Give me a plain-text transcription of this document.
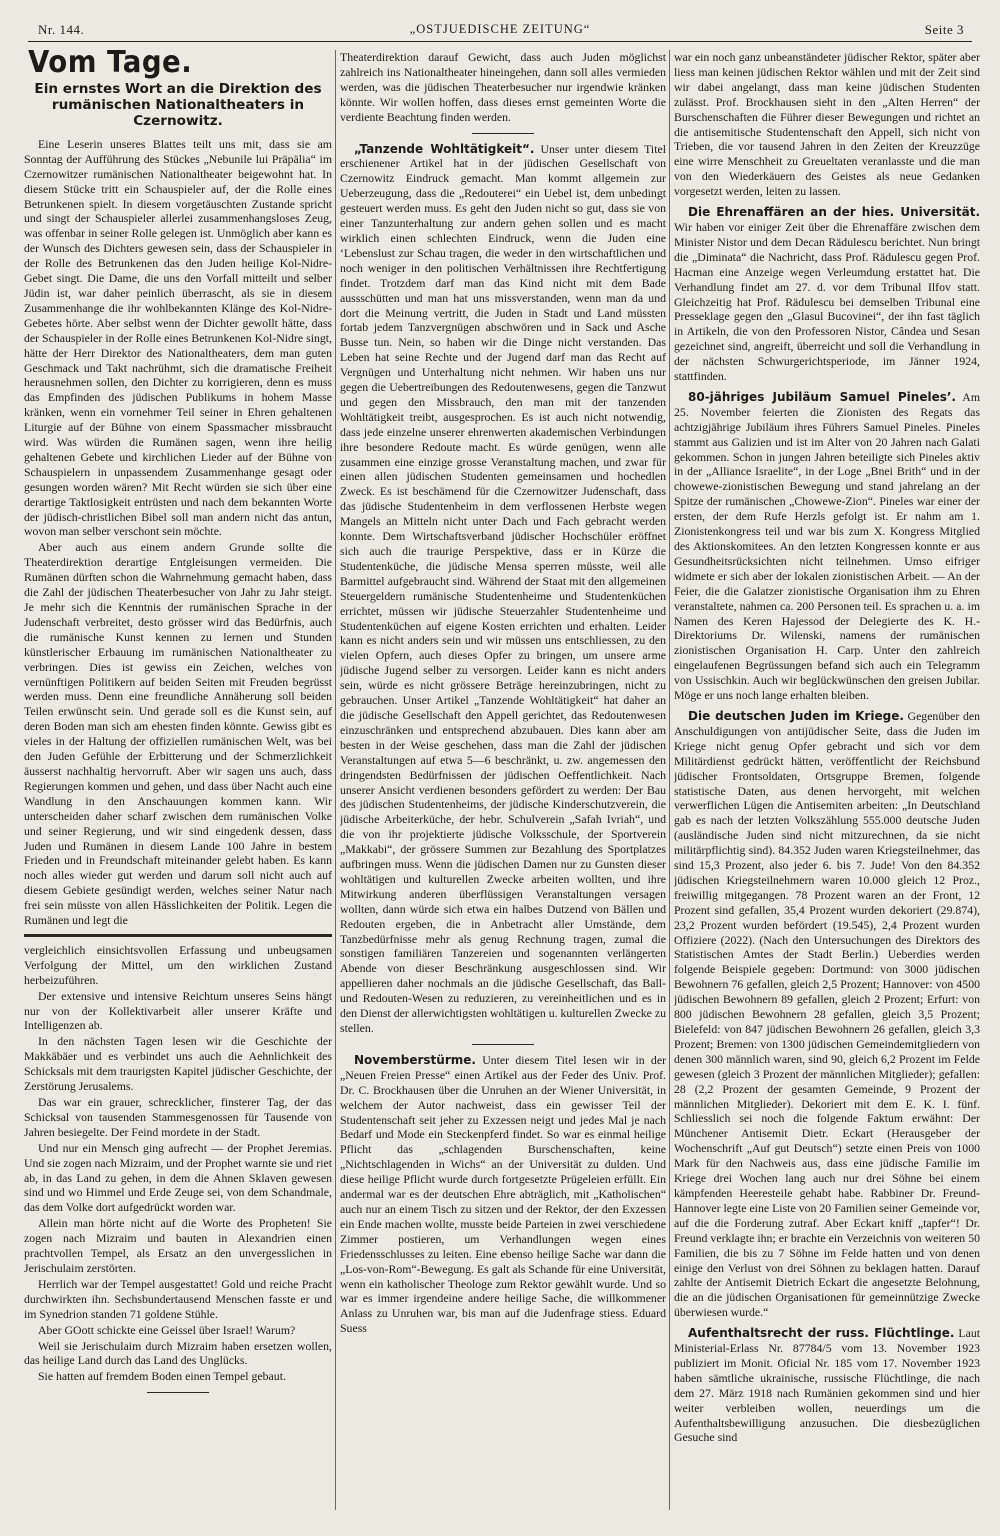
Nr. 144.	„OSTJUEDISCHE ZEITUNG“	Seite 3
Vom Tage.
Ein ernstes Wort an die Direktion des rumänischen Nationaltheaters in Czernowitz.

Eine Leserin unseres Blattes teilt uns mit, dass sie am Sonntag der Aufführung des Stückes „Nebunile lui Präpälia“ im Czernowitzer rumänischen Nationaltheater beigewohnt hat. In diesem Stücke tritt ein Schauspieler auf, der die Rolle eines Betrunkenen spielt. In diesem vorgetäuschten Zustande spricht und singt der Schauspieler allerlei zusammenhangsloses Zeug, was offenbar in seiner Rolle gelegen ist. Unmöglich aber kann es der Wunsch des Dichters gewesen sein, dass der Schauspieler in der Rolle des Betrunkenen das den Juden heilige Kol-Nidre-Gebet singt. Die Dame, die uns den Vorfall mitteilt und selber Jüdin ist, war daher peinlich überrascht, als sie in diesem Zusammenhange die ihr wohlbekannten Klänge des Kol-Nidre-Gebetes hörte. Aber selbst wenn der Dichter gewollt hätte, dass der Schauspieler in der Rolle eines Betrunkenen Kol-Nidre singt, hätte der Herr Direktor des Nationaltheaters, dem man guten Geschmack und Takt nachrühmt, sich die dramatische Freiheit herausnehmen sollen, den Dichter zu korrigieren, denn es muss das Empfinden des jüdischen Publikums in hohem Masse kränken, wenn ein vornehmer Teil seiner in Ehren gehaltenen Liturgie auf der Bühne von einem Spassmacher missbraucht wird. Was würden die Rumänen sagen, wenn ihre heilig gehaltenen Gebete und kirchlichen Lieder auf der Bühne von Schauspielern in unpassendem Zusammenhange gesagt oder gesungen worden wären? Mit Recht würden sie sich über eine derartige Taktlosigkeit entrüsten und nach dem bekannten Worte der jüdisch-christlichen Bibel soll man andern nicht das antun, wovon man selber verschont sein möchte.

Aber auch aus einem andern Grunde sollte die Theaterdirektion derartige Entgleisungen vermeiden. Die Rumänen dürften schon die Wahrnehmung gemacht haben, dass die Zahl der jüdischen Theaterbesucher von Jahr zu Jahr steigt. Je mehr sich die Kenntnis der rumänischen Sprache in der Judenschaft verbreitet, desto grösser wird das Bedürfnis, auch die rumänische Kunst kennen zu lernen und Stunden künstlerischer Erbauung im rumänischen Nationaltheater zu verbringen. Dies ist gewiss ein Zeichen, welches von vernünftigen Politikern auf beiden Seiten mit Freuden begrüsst werden muss. Denn eine freundliche Annäherung soll beiden Teilen erwünscht sein. Und gerade soll es die Kunst sein, auf deren Boden man sich am ehesten finden könnte. Gewiss gibt es vieles in der Haltung der offiziellen rumänischen Welt, was bei den Juden Gefühle der Erbitterung und der Schmerzlichkeit äusserst nachhaltig hervorruft. Aber wir sagen uns auch, dass Regierungen kommen und gehen, und dass über Nacht auch eine Wandlung in den Anschauungen kommen kann. Wir unterscheiden daher scharf zwischen dem rumänischen Volke und seiner Regierung, und wir sind eingedenk dessen, dass Juden und Rumänen in diesem Lande 100 Jahre in bestem Frieden und in Freundschaft miteinander gelebt haben. Es kann noch alles wieder gut werden und darum soll nicht auch auf diesem Gebiete gesündigt werden, welches seiner Natur nach frei sein müsste von allen Hässlichkeiten der Politik. Legen die Rumänen und legt die

vergleichlich einsichtsvollen Erfassung und unbeugsamen Verfolgung der Mittel, um den wirklichen Zustand herbeizuführen.

Der extensive und intensive Reichtum unseres Seins hängt nur von der Kollektivarbeit aller unserer Kräfte und Intelligenzen ab.

In den nächsten Tagen lesen wir die Geschichte der Makkäbäer und es verbindet uns auch die Aehnlichkeit des Schicksals mit dem traurigsten Kapitel jüdischer Geschichte, der Zerstörung Jerusalems.

Das war ein grauer, schrecklicher, finsterer Tag, der das Schicksal von tausenden Stammesgenossen für Tausende von Jahren besiegelte. Der Feind mordete in der Stadt.

Und nur ein Mensch ging aufrecht — der Prophet Jeremias. Und sie zogen nach Mizraim, und der Prophet warnte sie und riet ab, in das Land zu gehen, in dem die Ahnen Sklaven gewesen sind und wo Himmel und Erde Zeuge sei, von dem Schandmale, das dem Volke dort aufgedrückt worden war.

Allein man hörte nicht auf die Worte des Propheten! Sie zogen nach Mizraim und bauten in Alexandrien einen prachtvollen Tempel, als Ersatz an den unvergesslichen in Jerischulaim zerstörten.

Herrlich war der Tempel ausgestattet! Gold und reiche Pracht durchwirkten ihn. Sechsbundertausend Menschen fasste er und im Synedrion standen 71 goldene Stühle.

Aber GOott schickte eine Geissel über Israel! Warum?

Weil sie Jerischulaim durch Mizraim haben ersetzen wollen, das heilige Land durch das Land des Unglücks.

Sie hatten auf fremdem Boden einen Tempel gebaut.

Theaterdirektion darauf Gewicht, dass auch Juden möglichst zahlreich ins Nationaltheater hineingehen, dann soll alles vermieden werden, was die jüdischen Theaterbesucher nur irgendwie kränken könnte. Wir wollen hoffen, dass dieses ernst gemeinten Worte die verdiente Beachtung finden werden.

„Tanzende Wohltätigkeit“. Unser unter diesem Titel erschienener Artikel hat in der jüdischen Gesellschaft von Czernowitz Eindruck gemacht. Man kommt allgemein zur Ueberzeugung, dass die „Redouterei“ ein Uebel ist, dem unbedingt gesteuert werden muss. Es geht den Juden nicht so gut, dass sie von einer Tanzunterhaltung zur andern gehen sollen und es macht wirklich einen schlechten Eindruck, wenn die Juden eine ‘Lebenslust zur Schau tragen, die weder in den wirtschaftlichen und noch weniger in den politischen Verhältnissen ihre Rechtfertigung findet. Trotzdem darf man das Kind nicht mit dem Bade aussschütten und man hat uns missverstanden, wenn man da und dort die Meinung vertritt, die Juden in Stadt und Land müssten fortab jedem Tanzvergnügen abschwören und in Sack und Asche Busse tun. Nein, so haben wir die Dinge nicht verstanden. Das Leben hat seine Rechte und der Jugend darf man das Recht auf Vergnügen und Unterhaltung nicht nehmen. Wir haben uns nur gegen die Uebertreibungen des Redoutenwesens, gegen die Tanzwut und gegen den Missbrauch, den man mit der tanzenden Wohltätigkeit treibt, ausgesprochen. Es ist auch nicht notwendig, dass jede einzelne unserer ehrenwerten akademischen Verbindungen ihre besondere Redoute macht. Es würde genügen, wenn alle zusammen eine einzige grosse Veranstaltung machen, und zwar für einen allen jüdischen Studenten gemeinsamen und hochedlen Zweck. Es ist beschämend für die Czernowitzer Judenschaft, dass das jüdische Studentenheim in dem verflossenen Herbste wegen Mangels an Mitteln nicht unter Dach und Fach gebracht werden konnte. Dem Wirtschaftsverband jüdischer Hochschüler eröffnet sich auch die traurige Perspektive, dass er in Kürze die Studentenküche, die jüdische Mensa sperren müsste, weil alle Barmittel aufgebraucht sind. Während der Staat mit den allgemeinen Steuergeldern rumänische Studentenheime und Studentenküchen errichtet, müssen wir jüdische Steuerzahler Studentenheime und Studentenküchen auf eigene Kosten errichten und erhalten. Leider kann es nicht anders sein und wir müssen uns entschliessen, zu den vielen Opfern, auch dieses Opfer zu bringen, um unsere arme jüdische Jugend selber zu versorgen. Leider kann es nicht anders sein, würde es nicht grössere Beträge hereinzubringen, nicht zu gebrauchen. Unser Artikel „Tanzende Wohltätigkeit“ hat daher an die jüdische Gesellschaft den Appell gerichtet, das Redoutenwesen einzuschränken und entsprechend abzubauen. Dies kann aber am besten in der Weise geschehen, dass man die Zahl der jüdischen Veranstaltungen auf etwa 5—6 beschränkt, u. zw. angemessen den dringendsten Bedürfnissen der jüdischen Oeffentlichkeit. Nach unserer Ansicht verdienen besonders gefördert zu werden: Der Bau des jüdischen Studentenheims, der jüdische Kinderschutzverein, die jüdische Arbeiterküche, der hebr. Schulverein „Safah Ivriah“, und die von ihr projektierte jüdische Volksschule, der Sportverein „Makkabi“, der grössere Summen zur Bezahlung des Sportplatzes aufbringen muss. Wenn die jüdischen Damen nur zu Gunsten dieser wohltätigen und kulturellen Zwecke arbeiten wollten, und ihre Mitwirkung anderen überflüssigen Veranstaltungen versagen wollten, dann würde sich etwa ein halbes Dutzend von Bällen und Redouten ergeben, die in Anbetracht aller Umstände, dem Tanzbedürfnisse mehr als genug Rechnung tragen, zumal die sonstigen familiären Tanzereien und sogenannten verlängerten Abende von dieser Beschränkung ausgeschlossen sind. Wir appellieren daher nochmals an die jüdische Gesellschaft, das Ball- und Redouten-Wesen zu reduzieren, zu vereinheitlichen und es in den Dienst der allerwichtigsten wohltätigen u. kulturellen Zwecke zu stellen.

Novemberstürme. Unter diesem Titel lesen wir in der „Neuen Freien Presse“ einen Artikel aus der Feder des Univ. Prof. Dr. C. Brockhausen über die Unruhen an der Wiener Universität, in welchem der Autor nachweist, dass ein gewisser Teil der Studentenschaft seit jeher zu Exzessen neigt und jedes Mal je nach Bedarf und Mode ein Steckenpferd findet. So war es einmal heilige Pflicht das „schlagenden Burschenschaften, keine „Nichtschlagenden in Wichs“ an der Universität zu dulden. Und diese heilige Pflicht wurde durch fortgesetzte Prügeleien erfüllt. Ein andermal war es der deutschen Ehre abträglich, mit „Katholischen“ auch nur an einem Tisch zu sitzen und der Rektor, der den Exzessen ein Ende machen wollte, musste beide Parteien in zwei verschiedene Zimmer postieren, um Verhandlungen wegen eines Friedensschlusses zu leiten. Eine ebenso heilige Sache war dann die „Los-von-Rom“-Bewegung. Es galt als Schande für eine Universität, wenn ein katholischer Theologe zum Rektor gewählt wurde. Und so war es immer irgendeine andere heilige Sache, die willkommener Anlass zu Unruhen war, bis man auf die Judenfrage stiess. Eduard Suess

war ein noch ganz unbeanständeter jüdischer Rektor, später aber liess man keinen jüdischen Rektor wählen und mit der Zeit sind wir dabei angelangt, dass man keine jüdischen Studenten zulässt. Prof. Brockhausen sieht in den „Alten Herren“ der Burschenschaften die Führer dieser Bewegungen und richtet an die antisemitische Studentenschaft den Appell, sich nicht von Trieben, die vor tausend Jahren in den Zeiten der Kreuzzüge eine wirre Menschheit zu Greueltaten veranlasste und die man von den Wiederkäuern des Geistes als neue Gedanken vorgesetzt werden, leiten zu lassen.

Die Ehrenaffären an der hies. Universität. Wir haben vor einiger Zeit über die Ehrenaffäre zwischen dem Minister Nistor und dem Decan Rädulescu berichtet. Nun bringt die „Diminata“ die Nachricht, dass Prof. Rädulescu gegen Prof. Hacman eine Anzeige wegen Verleumdung erstattet hat. Die Verhandlung findet am 27. d. vor dem Tribunal Ilfov statt. Gleichzeitig hat Prof. Rädulescu bei demselben Tribunal eine Presseklage gegen den „Glasul Bucovinei“, der ihn fast täglich in Artikeln, die von den Professoren Nistor, Cândea und Sesan gezeichnet sind, angreift, überreicht und soll die Verhandlung in der nächsten Schwurgerichtsperiode, im Jänner 1924, stattfinden.

80-jähriges Jubiläum Samuel Pineles’. Am 25. November feierten die Zionisten des Regats das achtzigjährige Jubiläum ihres Führers Samuel Pineles. Pineles stammt aus Galizien und ist im Alter von 20 Jahren nach Galati gekommen. Schon in jungen Jahren beteiligte sich Pineles aktiv in der „Alliance Israelite“, in der Loge „Bnei Brith“ und in der chowewe-zionistischen Bewegung und stand jahrelang an der Spitze der rumänischen „Chowewe-Zion“. Pineles war einer der ersten, der dem Rufe Herzls gefolgt ist. Er nahm am 1. Zionistenkongress teil und war bis zum X. Kongress Mitglied des Aktionskomitees. An den letzten Kongressen konnte er aus Gesundheitsrücksichten nicht teilnehmen. Umso eifriger widmete er sich aber der lokalen zionistischen Arbeit. — An der Feier, die die Galatzer zionistische Organisation ihm zu Ehren veranstaltete, nahmen ca. 200 Personen teil. Es sprachen u. a. im Namen des Keren Hajessod der Delegierte des K. H.-Direktoriums Dr. Wilenski, namens der rumänischen zionistischen Organisation H. Carp. Unter den zahlreich eingelaufenen Begrüssungen befand sich auch ein Telegramm von Ussischkin. Auch wir beglückwünschen den greisen Jubilar. Möge er uns noch lange erhalten bleiben.

Die deutschen Juden im Kriege. Gegenüber den Anschuldigungen von antijüdischer Seite, dass die Juden im Kriege nicht genug Opfer gebracht und sich vor dem Militärdienst gedrückt hätten, veröffentlicht der Reichsbund jüdischer Frontsoldaten, Ortsgruppe Bremen, folgende statistische Daten, aus denen hervorgeht, mit welchen verwerflichen Lügen die Antisemiten arbeiten: „In Deutschland gab es nach der letzten Volkszählung 555.000 deutsche Juden (ausländische Juden sind nicht mitzurechnen, da sie nicht militärpflichtig sind). 84.352 Juden waren Kriegsteilnehmer, das sind 15,3 Prozent, also jeder 6. bis 7. Jude! Von den 84.352 jüdischen Kriegsteilnehmern waren 10.000 gleich 12 Proz., freiwillig mitgegangen. 78 Prozent waren an der Front, 12 Prozent sind gefallen, 35,4 Prozent wurden dekoriert (29.874), 23,2 Prozent wurden befördert (19.545), 2,4 Prozent wurden Offiziere (2022). (Nach den Untersuchungen des Direktors des Statistischen Amtes der Stadt Berlin.) Ueberdies werden folgende Beispiele gegeben: Dortmund: von 3000 jüdischen Bewohnern 76 gefallen, gleich 2,5 Prozent; Hannover: von 4500 jüdischen Bewohnern 89 gefallen, gleich 2 Prozent; Erfurt: von 800 jüdischen Bewohnern 28 gefallen, gleich 3,5 Prozent; Bielefeld: von 847 jüdischen Bewohnern 26 gefallen, gleich 3,3 Prozent; Bremen: von 1300 jüdischen Gemeindemitgliedern von denen 300 männlich waren, sind 90, gleich 6,2 Prozent im Felde gewesen (gleich 3 Prozent der männlichen Mitglieder); gefallen: 28 (2,2 Prozent der gesamten Gemeinde, 9 Prozent der männlichen Mitglieder). Dekoriert mit dem E. K. I. fünf. Schliesslich sei noch die folgende Faktum erwähnt: Der Münchener Antisemit Dietr. Eckart (Herausgeber der Wochenschrift „Auf gut Deutsch“) setzte einen Preis von 1000 Mark für den Nachweis aus, dass eine jüdische Familie im Kriege drei Wochen lang auch nur drei Söhne bei einem kämpfenden Heeresteile gehabt habe. Rabbiner Dr. Freund-Hannover legte eine Liste von 20 Familien seiner Gemeinde vor, auf die die Forderung zutraf. Aber Eckart kniff „tapfer“! Dr. Freund verklagte ihn; er brachte ein Verzeichnis von weiteren 50 Familien, die bis zu 7 Söhne im Felde hatten und von denen einige den Verlust von drei Söhnen zu beklagen hatten. Darauf zahlte der Antisemit Dietrich Eckart die angesetzte Belohnung, die an die jüdischen Organisationen für gemeinnützige Zwecke überwiesen wurde.“

Aufenthaltsrecht der russ. Flüchtlinge. Laut Ministerial-Erlass Nr. 87784/5 vom 13. November 1923 publiziert im Monit. Oficial Nr. 185 vom 17. November 1923 haben sämtliche ukrainische, russische Flüchtlinge, die nach dem 27. März 1918 nach Rumänien gekommen sind und hier weiter verbleiben wollen, neuerdings um die Aufenthaltsbewilligung anzusuchen. Die diesbezüglichen Gesuche sind
